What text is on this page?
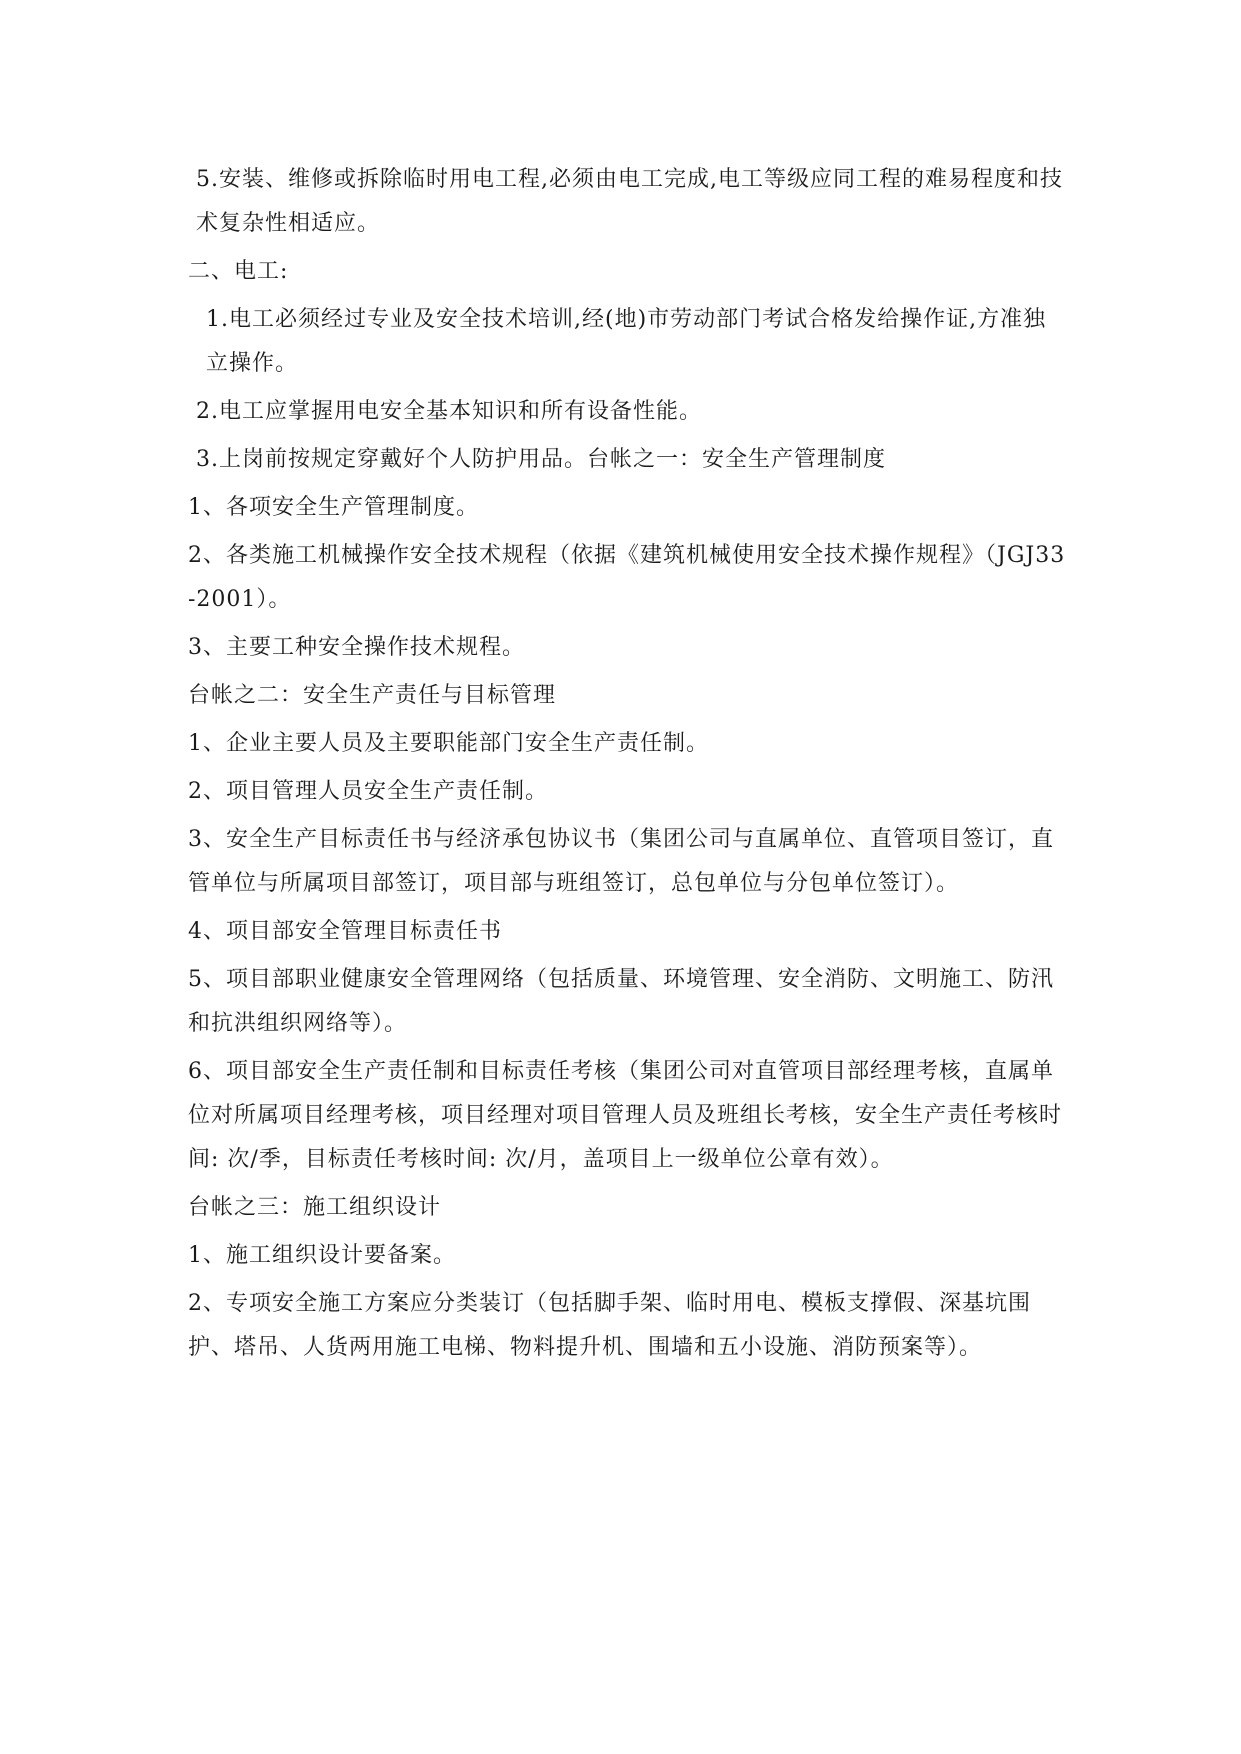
5.安装、维修或拆除临时用电工程,必须由电工完成,电工等级应同工程的难易程度和技术复杂性相适应。

二、电工:

1.电工必须经过专业及安全技术培训,经(地)市劳动部门考试合格发给操作证,方准独立操作。

2.电工应掌握用电安全基本知识和所有设备性能。

3.上岗前按规定穿戴好个人防护用品。台帐之一：安全生产管理制度

1、各项安全生产管理制度。

2、各类施工机械操作安全技术规程（依据《建筑机械使用安全技术操作规程》（JGJ33-2001）。

3、主要工种安全操作技术规程。

台帐之二：安全生产责任与目标管理

1、企业主要人员及主要职能部门安全生产责任制。

2、项目管理人员安全生产责任制。

3、安全生产目标责任书与经济承包协议书（集团公司与直属单位、直管项目签订，直管单位与所属项目部签订，项目部与班组签订，总包单位与分包单位签订）。

4、项目部安全管理目标责任书

5、项目部职业健康安全管理网络（包括质量、环境管理、安全消防、文明施工、防汛和抗洪组织网络等）。

6、项目部安全生产责任制和目标责任考核（集团公司对直管项目部经理考核，直属单位对所属项目经理考核，项目经理对项目管理人员及班组长考核，安全生产责任考核时间: 次/季，目标责任考核时间: 次/月，盖项目上一级单位公章有效）。

台帐之三：施工组织设计

1、施工组织设计要备案。

2、专项安全施工方案应分类装订（包括脚手架、临时用电、模板支撑假、深基坑围护、塔吊、人货两用施工电梯、物料提升机、围墙和五小设施、消防预案等）。
